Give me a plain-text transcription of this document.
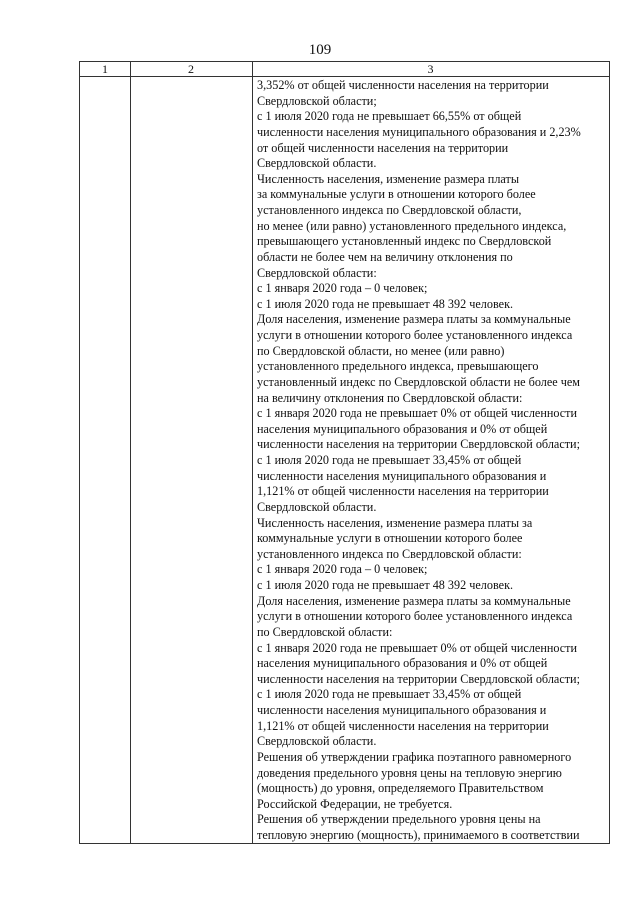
109
1	2	3
3,352% от общей численности населения на территории
Свердловской области;
с 1 июля 2020 года не превышает 66,55% от общей
численности населения муниципального образования и 2,23%
от общей численности населения на территории
Свердловской области.
Численность населения, изменение размера платы
за коммунальные услуги в отношении которого более
установленного индекса по Свердловской области,
но менее (или равно) установленного предельного индекса,
превышающего установленный индекс по Свердловской
области не более чем на величину отклонения по
Свердловской области:
с 1 января 2020 года – 0 человек;
с 1 июля 2020 года не превышает 48 392 человек.
Доля населения, изменение размера платы за коммунальные
услуги в отношении которого более установленного индекса
по Свердловской области, но менее (или равно)
установленного предельного индекса, превышающего
установленный индекс по Свердловской области не более чем
на величину отклонения по Свердловской области:
с 1 января 2020 года не превышает 0% от общей численности
населения муниципального образования и 0% от общей
численности населения на территории Свердловской области;
с 1 июля 2020 года не превышает 33,45% от общей
численности населения муниципального образования и
1,121% от общей численности населения на территории
Свердловской области.
Численность населения, изменение размера платы за
коммунальные услуги в отношении которого более
установленного индекса по Свердловской области:
с 1 января 2020 года – 0 человек;
с 1 июля 2020 года не превышает 48 392 человек.
Доля населения, изменение размера платы за коммунальные
услуги в отношении которого более установленного индекса
по Свердловской области:
с 1 января 2020 года не превышает 0% от общей численности
населения муниципального образования и 0% от общей
численности населения на территории Свердловской области;
с 1 июля 2020 года не превышает 33,45% от общей
численности населения муниципального образования и
1,121% от общей численности населения на территории
Свердловской области.
Решения об утверждении графика поэтапного равномерного
доведения предельного уровня цены на тепловую энергию
(мощность) до уровня, определяемого Правительством
Российской Федерации, не требуется.
Решения об утверждении предельного уровня цены на
тепловую энергию (мощность), принимаемого в соответствии
